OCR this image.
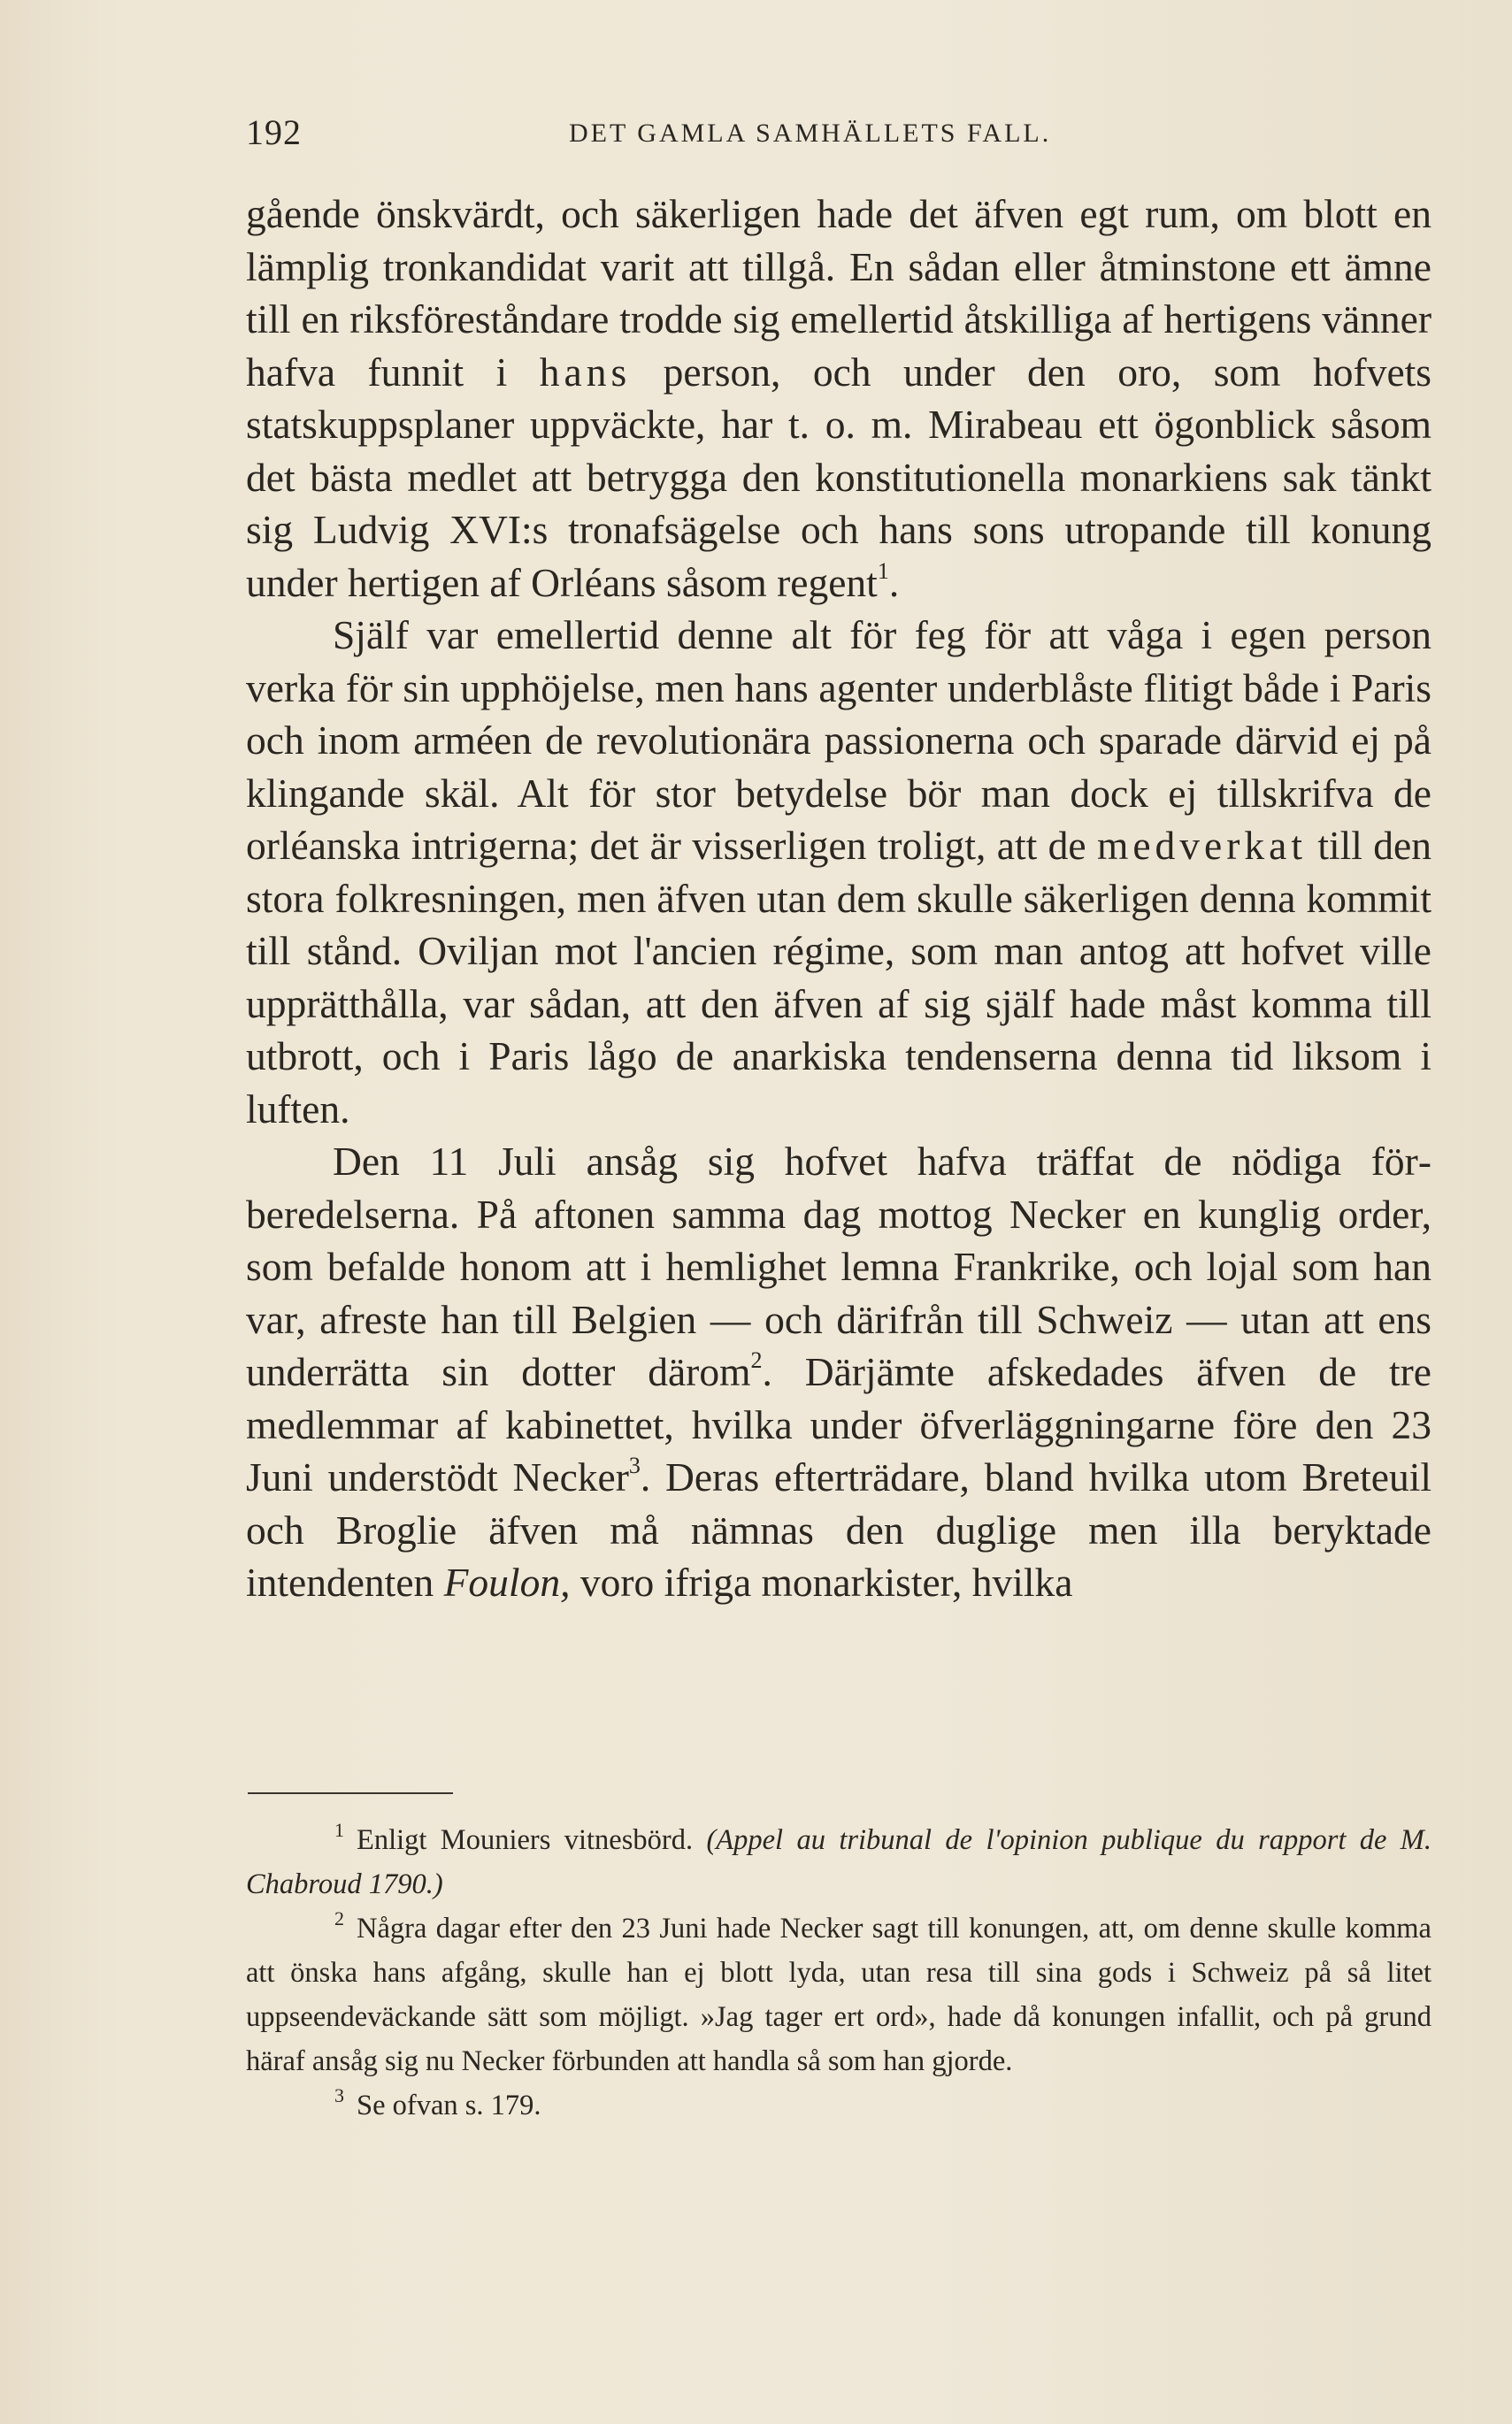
192	DET GAMLA SAMHÄLLETS FALL.

gående önskvärdt, och säkerligen hade det äfven egt rum, om blott en lämplig tronkandidat varit att tillgå. En sådan eller åtminstone ett ämne till en riksföreståndare trodde sig emellertid åtskilliga af hertigens vänner hafva funnit i hans person, och under den oro, som hofvets statskuppsplaner uppväckte, har t. o. m. Mirabeau ett ögonblick såsom det bästa medlet att betrygga den konstitutionella monarkiens sak tänkt sig Ludvig XVI:s tronafsägelse och hans sons utropande till konung under hertigen af Orléans såsom regent$^1$.

Själf var emellertid denne alt för feg för att våga i egen person verka för sin upphöjelse, men hans agenter underblåste flitigt både i Paris och inom arméen de revolutionära passionerna och sparade därvid ej på klingande skäl. Alt för stor betydelse bör man dock ej tillskrifva de orléanska intrigerna; det är visserligen troligt, att de medverkat till den stora folkresningen, men äfven utan dem skulle säkerligen denna kommit till stånd. Oviljan mot l'ancien régime, som man antog att hofvet ville upprätthålla, var sådan, att den äfven af sig själf hade måst komma till utbrott, och i Paris lågo de anarkiska tendenserna denna tid liksom i luften.

Den 11 Juli ansåg sig hofvet hafva träffat de nödiga förberedelserna. På aftonen samma dag mottog Necker en kunglig order, som befalde honom att i hemlighet lemna Frankrike, och lojal som han var, afreste han till Belgien — och därifrån till Schweiz — utan att ens underrätta sin dotter därom$^2$. Därjämte afskedades äfven de tre medlemmar af kabinettet, hvilka under öfverläggningarne före den 23 Juni understödt Necker$^3$. Deras efterträdare, bland hvilka utom Breteuil och Broglie äfven må nämnas den duglige men illa beryktade intendenten Foulon, voro ifriga monarkister, hvilka

$^1$ Enligt Mouniers vitnesbörd. (Appel au tribunal de l'opinion publique du rapport de M. Chabroud 1790.)

$^2$ Några dagar efter den 23 Juni hade Necker sagt till konungen, att, om denne skulle komma att önska hans afgång, skulle han ej blott lyda, utan resa till sina gods i Schweiz på så litet uppseendeväckande sätt som möjligt. »Jag tager ert ord», hade då konungen infallit, och på grund häraf ansåg sig nu Necker förbunden att handla så som han gjorde.

$^3$ Se ofvan s. 179.
